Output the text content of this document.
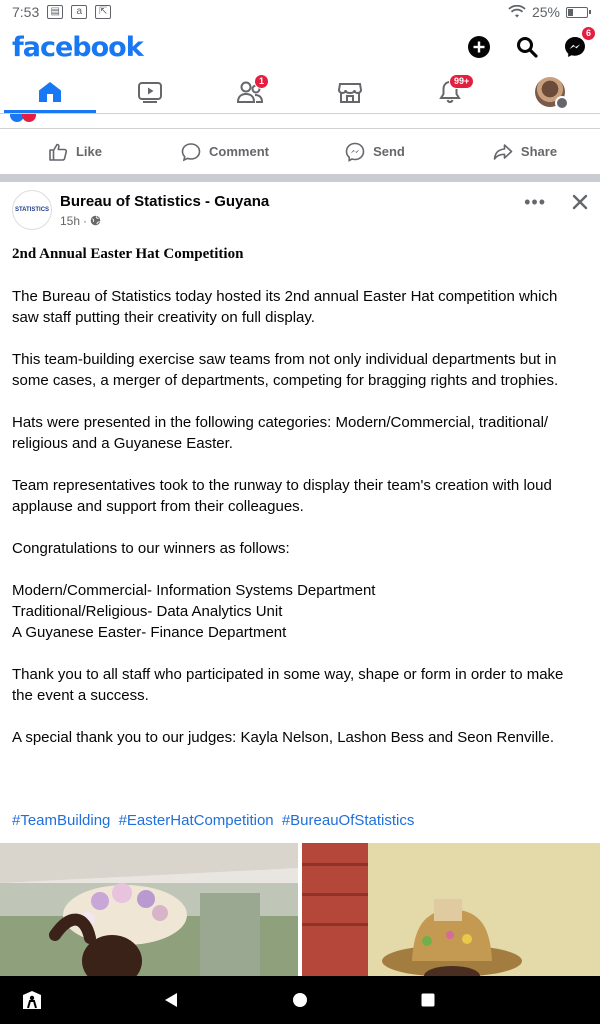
7:53	▤	a	⇱	25%
facebook	6
1	99+
Like	Comment	Send	Share
STATISTICS
Bureau of Statistics - Guyana
15h ·
•••
2nd Annual Easter Hat Competition

The Bureau of Statistics today hosted its 2nd annual Easter Hat competition which saw staff putting their creativity on full display.

This team-building exercise saw teams from not only individual departments but in some cases, a merger of departments, competing for bragging rights and trophies.

Hats were presented in the following categories: Modern/Commercial, traditional/ religious and a Guyanese Easter.

Team representatives took to the runway to display their team's creation with loud applause and support from their colleagues.

Congratulations to our winners as follows:

Modern/Commercial- Information Systems Department
Traditional/Religious- Data Analytics Unit
A Guyanese Easter- Finance Department

Thank you to all staff who participated in some way, shape or form in order to make the event a success.

A special thank you to our judges: Kayla Nelson, Lashon Bess and Seon Renville.

#TeamBuilding #EasterHatCompetition #BureauOfStatistics
